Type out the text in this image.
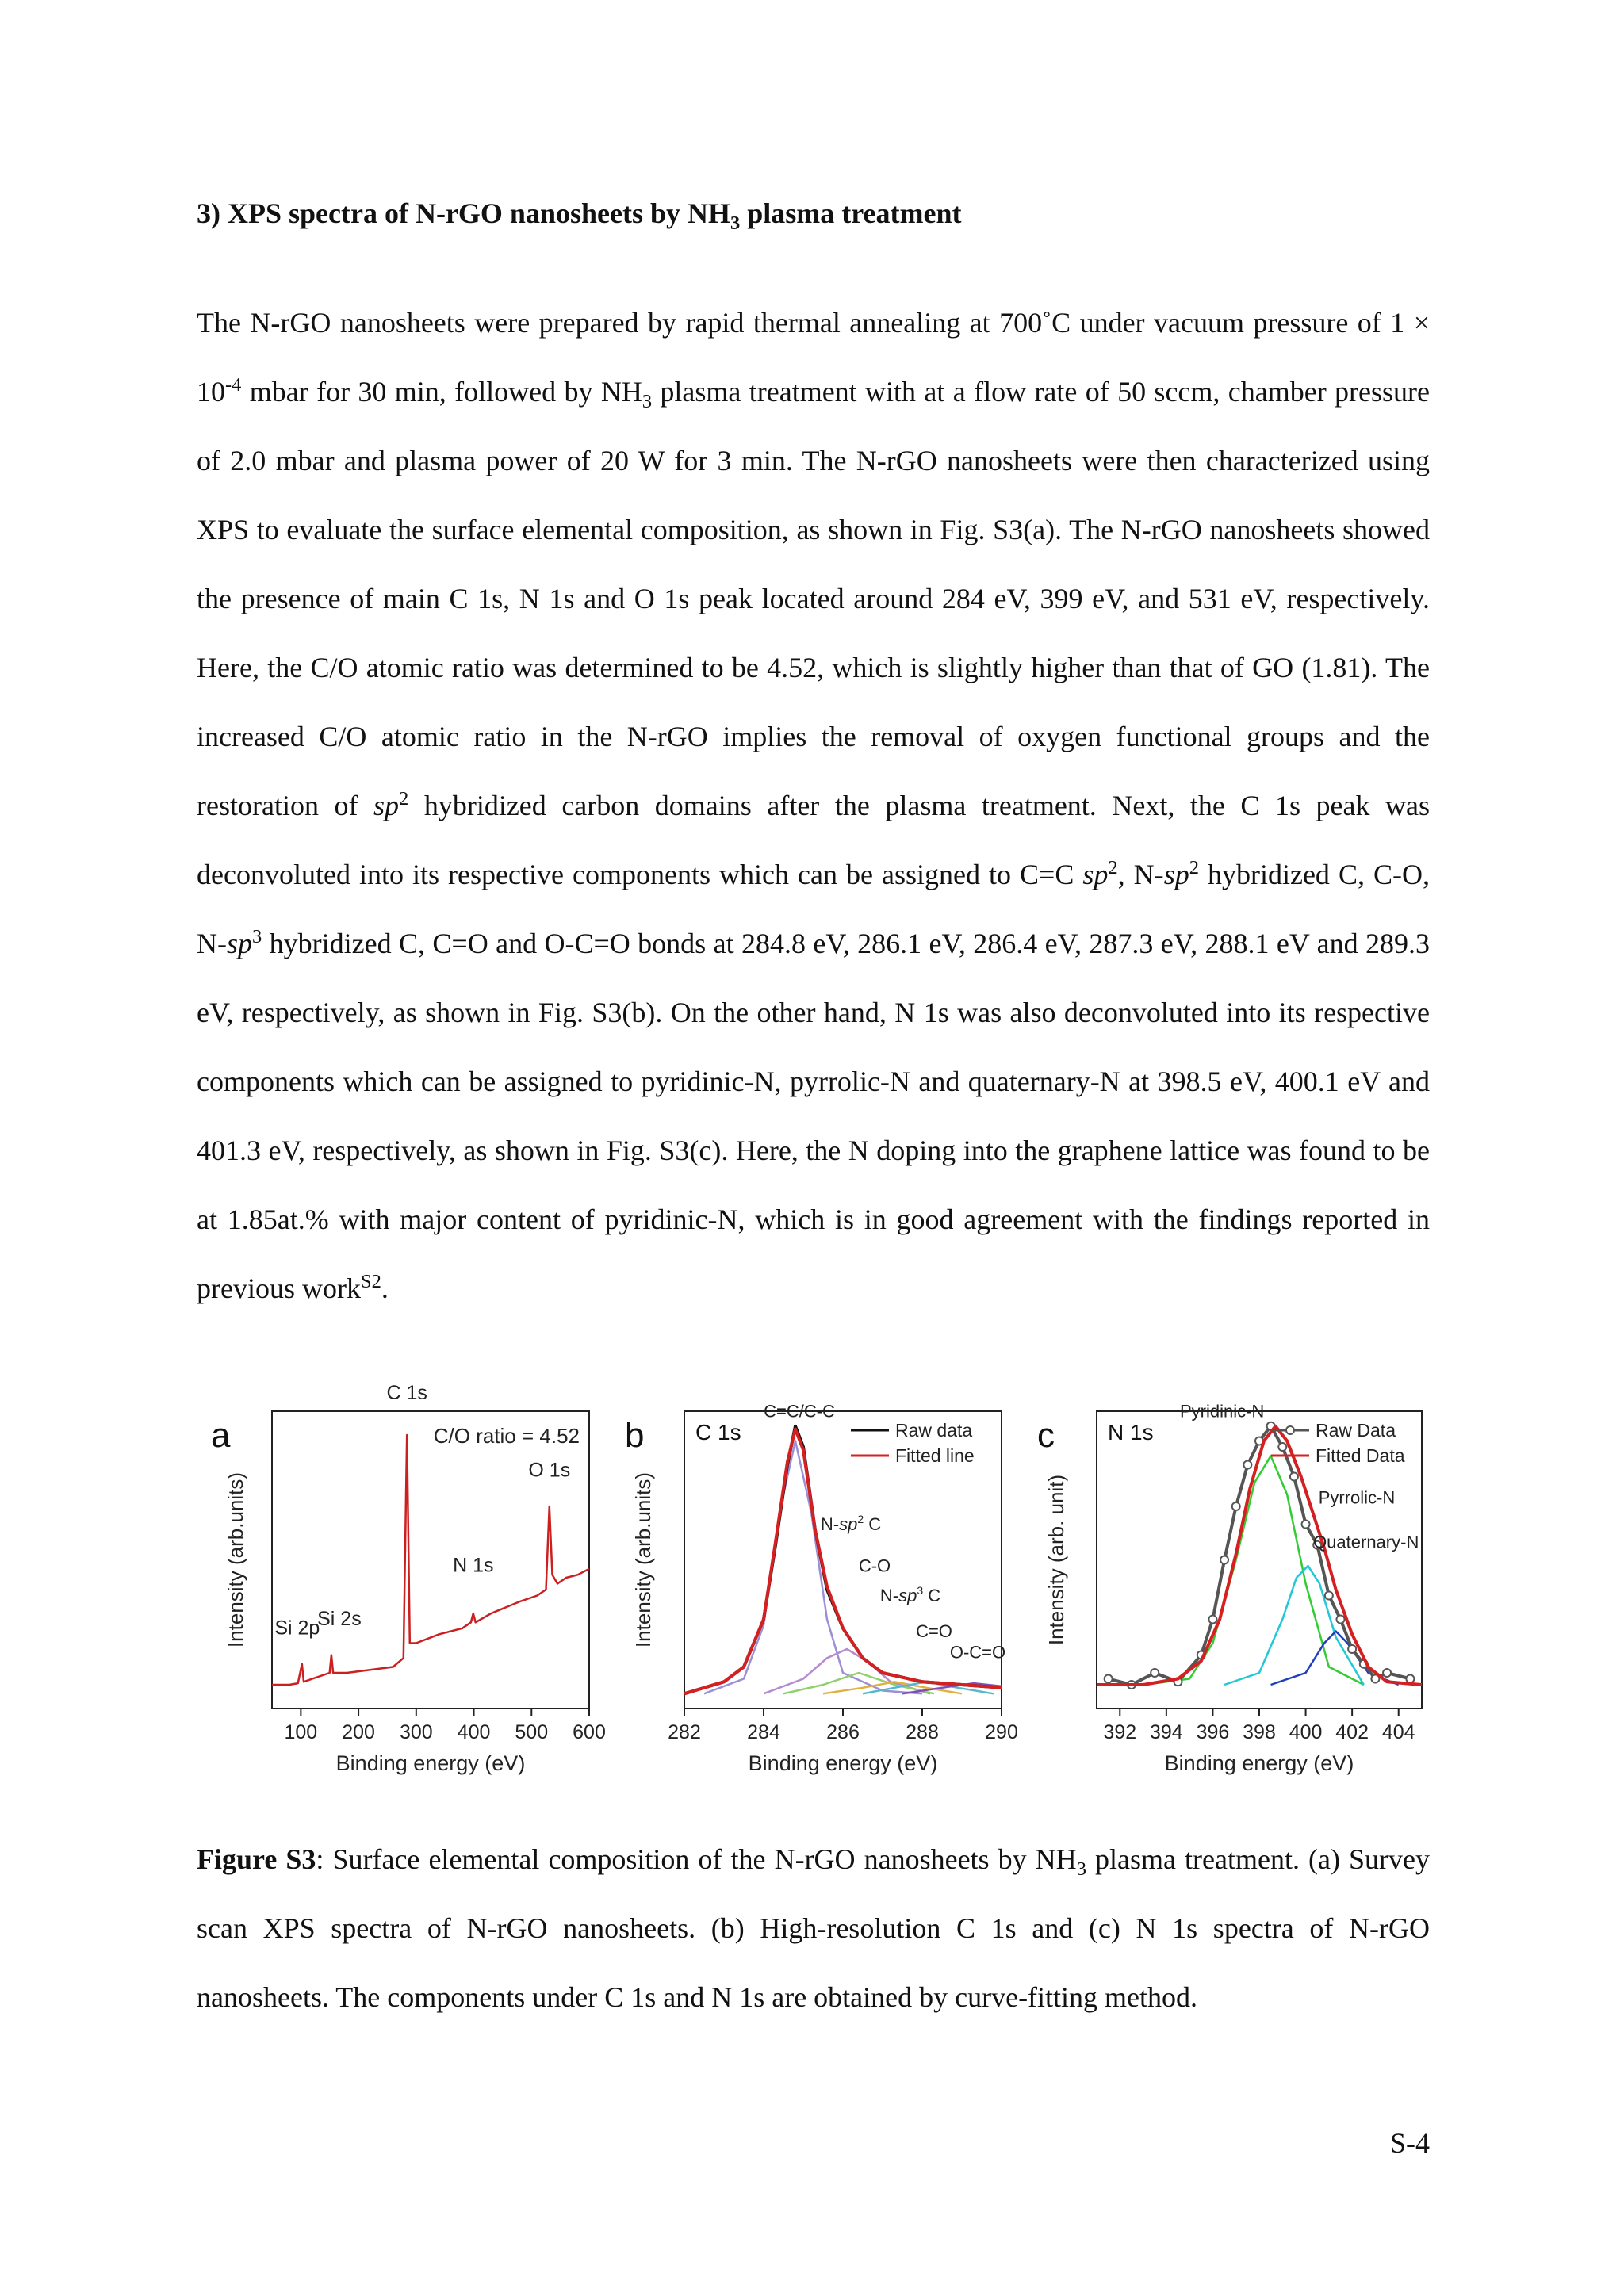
3) XPS spectra of N-rGO nanosheets by $NH_3$ plasma treatment

The N-rGO nanosheets were prepared by rapid thermal annealing at 700˚C under vacuum pressure of $1 \times 10^{-4}$ mbar for 30 min, followed by $NH_3$ plasma treatment with at a flow rate of 50 sccm, chamber pressure of 2.0 mbar and plasma power of 20 W for 3 min. The N-rGO nanosheets were then characterized using XPS to evaluate the surface elemental composition, as shown in Fig. S3(a). The N-rGO nanosheets showed the presence of main C 1s, N 1s and O 1s peak located around 284 eV, 399 eV, and 531 eV, respectively. Here, the C/O atomic ratio was determined to be 4.52, which is slightly higher than that of GO (1.81). The increased C/O atomic ratio in the N-rGO implies the removal of oxygen functional groups and the restoration of $sp^2$ hybridized carbon domains after the plasma treatment. Next, the C 1s peak was deconvoluted into its respective components which can be assigned to C=C $sp^2$, $N-sp^2$ hybridized C, C-O, $N-sp^3$ hybridized C, C=O and O-C=O bonds at 284.8 eV, 286.1 eV, 286.4 eV, 287.3 eV, 288.1 eV and 289.3 eV, respectively, as shown in Fig. S3(b). On the other hand, N 1s was also deconvoluted into its respective components which can be assigned to pyridinic-N, pyrrolic-N and quaternary-N at 398.5 eV, 400.1 eV and 401.3 eV, respectively, as shown in Fig. S3(c). Here, the N doping into the graphene lattice was found to be at 1.85at.% with major content of pyridinic-N, which is in good agreement with the findings reported in previous work$^{S2}$.

a
100 200 300 400 500 600
Binding energy (eV)
Intensity (arb.units)
C/O ratio = 4.52
Si 2p
Si 2s
C 1s
N 1s
O 1s
b
282 284 286 288 290
Binding energy (eV)
Intensity (arb.units)
C 1s	Raw data
Fitted line
C=C/C-C
$N-sp^2$ C
C-O
$N-sp^3$ C
C=O
O-C=O
c
392 394 396 398 400 402 404
Binding energy (eV)
Intensity (arb. unit)
N 1s	Raw Data
Fitted Data
Pyridinic-N
Pyrrolic-N
Quaternary-N

Figure S3: Surface elemental composition of the N-rGO nanosheets by $NH_3$ plasma treatment. (a) Survey scan XPS spectra of N-rGO nanosheets. (b) High-resolution C 1s and (c) N 1s spectra of N-rGO nanosheets. The components under C 1s and N 1s are obtained by curve-fitting method.

S-4
